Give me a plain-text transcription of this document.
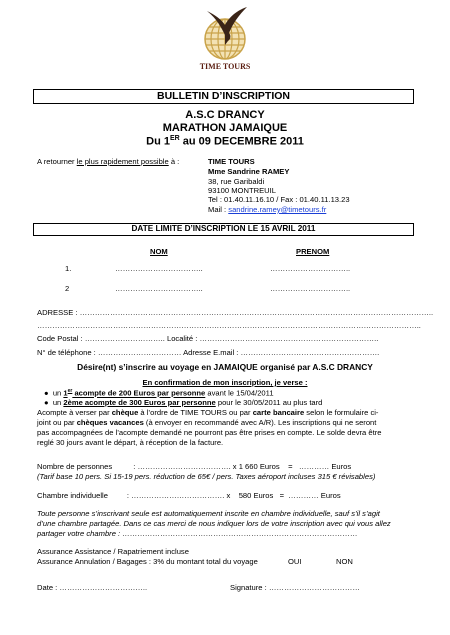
TIME TOURS
BULLETIN D’INSCRIPTION
A.S.C DRANCY
MARATHON JAMAIQUE
Du 1ER au 09 DECEMBRE 2011
A retourner le plus rapidement possible à :	TIME TOURS
Mme Sandrine RAMEY
38, rue Garibaldi
93100 MONTREUIL
Tel : 01.40.11.16.10 / Fax : 01.40.11.13.23
Mail : sandrine.ramey@timetours.fr
DATE LIMITE D’INSCRIPTION LE 15 AVRIL 2011
NOM	PRENOM
1.	……………………………..	…………………………..
2	……………………………..	…………………………..
ADRESSE : …………………………………………………………………………………………………………………………..
……………………………………………………………………………………………………………………………………..
Code Postal : ………………………….. Localité : ……………………………………………………………..
N° de téléphone : …………………………… Adresse E.mail : ……………………………………………….
Désire(nt) s’inscrire au voyage en JAMAIQUE organisé par A.S.C DRANCY
En confirmation de mon inscription, je verse :
●  un 1er acompte de 200 Euros par personne avant le 15/04/2011
●  un 2ème acompte de 300 Euros par personne pour le 30/05/2011 au plus tard
Acompte à verser par chèque à l’ordre de TIME TOURS ou par carte bancaire selon le formulaire ci-
joint ou par chèques vacances (à envoyer en recommandé avec A/R). Les inscriptions qui ne seront
pas accompagnées de l’acompte demandé ne pourront pas être prises en compte. Le solde devra être
reglé 30 jours avant le départ, à réception de la facture.
Nombre de personnes          : ………………………………. x 1 660 Euros    =   ………… Euros
(Tarif base 10 pers. Si 15-19 pers. réduction de 65€ / pers. Taxes aéroport incluses 315 € révisables)
Chambre individuelle         : ………………………………. x    580 Euros   =  ………… Euros
Toute personne s’inscrivant seule est automatiquement inscrite en chambre individuelle, sauf s’il s’agit
d’une chambre partagée. Dans ce cas merci de nous indiquer lors de votre inscription avec qui vous allez
partager votre chambre : …………………………………………………………………………………
Assurance Assistance / Rapatriement incluse
Assurance Annulation / Bagages : 3% du montant total du voyage	OUI	NON
Date : ……………………………..	Signature : ………………………………
